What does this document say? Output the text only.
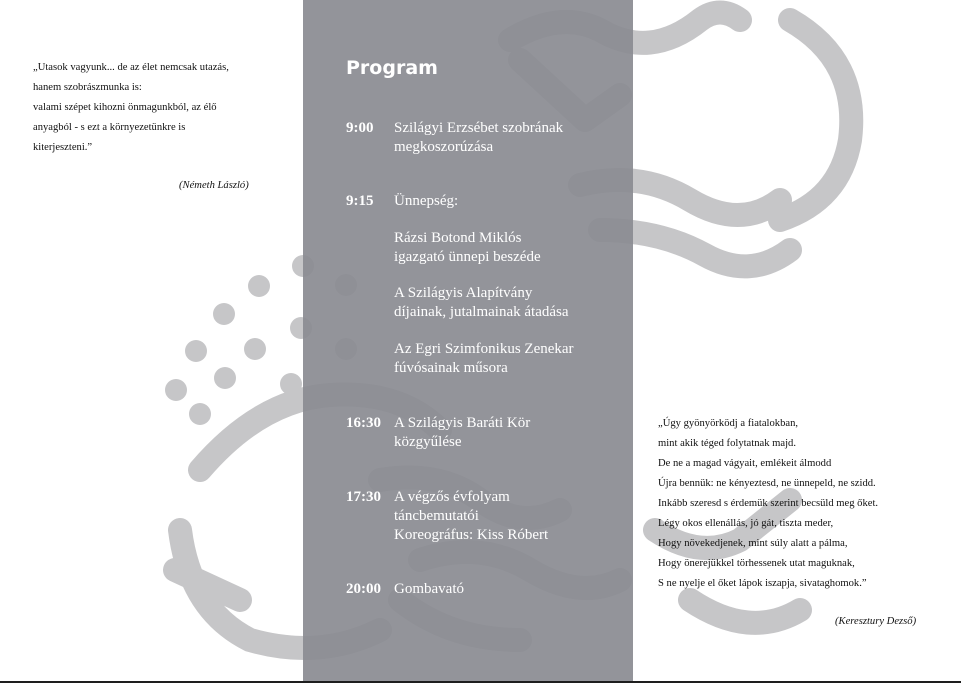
„Utasok vagyunk... de az élet nemcsak utazás,
hanem szobrászmunka is:
valami szépet kihozni önmagunkból, az élő
anyagból - s ezt a környezetünkre is
kiterjeszteni.”
(Németh László)
Program
9:00 Szilágyi Erzsébet szobrának
megkoszorúzása
9:15 Ünnepség:
Rázsi Botond Miklós
igazgató ünnepi beszéde
A Szilágyis Alapítvány
díjainak, jutalmainak átadása
Az Egri Szimfonikus Zenekar
fúvósainak műsora
16:30 A Szilágyis Baráti Kör
közgyűlése
17:30 A végzős évfolyam
táncbemutatói
Koreográfus: Kiss Róbert
20:00 Gombavató
„Úgy gyönyörködj a fiatalokban,
mint akik téged folytatnak majd.
De ne a magad vágyait, emlékeit álmodd
Újra bennük: ne kényeztesd, ne ünnepeld, ne szidd.
Inkább szeresd s érdemük szerint becsüld meg őket.
Légy okos ellenállás, jó gát, tiszta meder,
Hogy növekedjenek, mint súly alatt a pálma,
Hogy önerejükkel törhessenek utat maguknak,
S ne nyelje el őket lápok iszapja, sivataghomok.”
(Keresztury Dezső)
